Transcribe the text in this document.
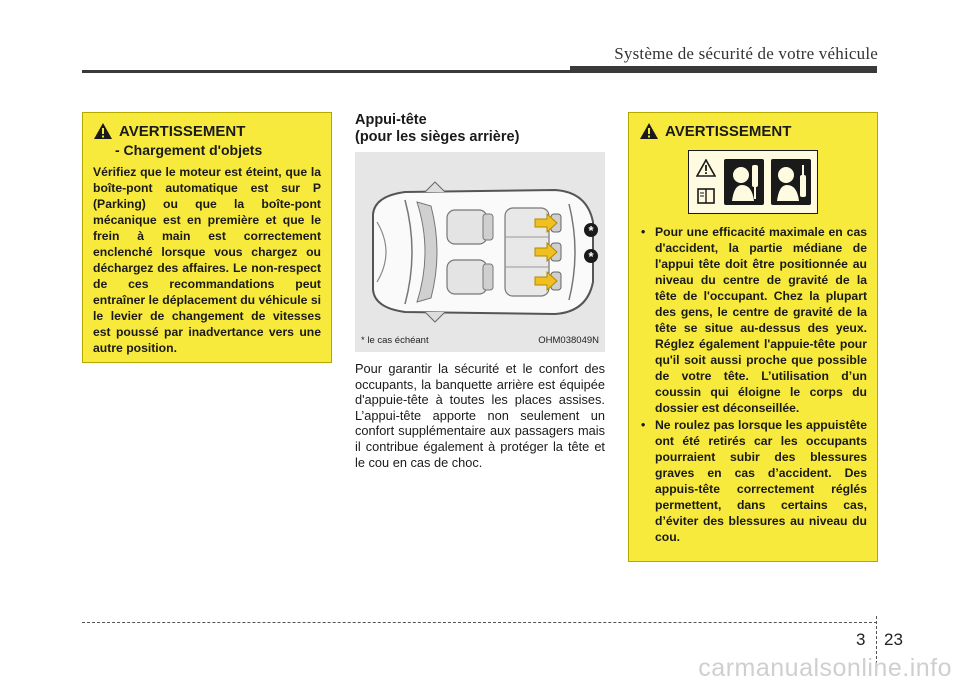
Système de sécurité de votre véhicule
AVERTISSEMENT
- Chargement d'objets
Vérifiez que le moteur est éteint, que la boîte-pont automatique est sur P (Parking) ou que la boîte-pont mécanique est en première et que le frein à main est correctement enclenché lorsque vous chargez ou déchargez des affaires. Le non-respect de ces recommandations peut entraîner le déplacement du véhicule si le levier de changement de vitesses est poussé par inadvertance vers une autre position.
Appui-tête
(pour les sièges arrière)
*
*
* le cas échéant	OHM038049N
Pour garantir la sécurité et le confort des occupants, la banquette arrière est équipée d'appuie-tête à toutes les places assises. L’appui-tête apporte non seulement un confort supplémentaire aux passagers mais il contribue également à protéger la tête et le cou en cas de choc.
AVERTISSEMENT
• Pour une efficacité maximale en cas d'accident, la partie médiane de l'appui tête doit être positionnée au niveau du centre de gravité de la tête de l'occupant. Chez la plupart des gens, le centre de gravité de la tête se situe au-dessus des yeux. Réglez également l'appuie-tête pour qu'il soit aussi proche que possible de votre tête. L’utilisation d’un coussin qui éloigne le corps du dossier est déconseillée.
• Ne roulez pas lorsque les appuistête ont été retirés car les occupants pourraient subir des blessures graves en cas d’accident. Des appuis-tête correctement réglés permettent, dans certains cas, d’éviter des blessures au niveau du cou.
3 23
carmanualsonline.info
